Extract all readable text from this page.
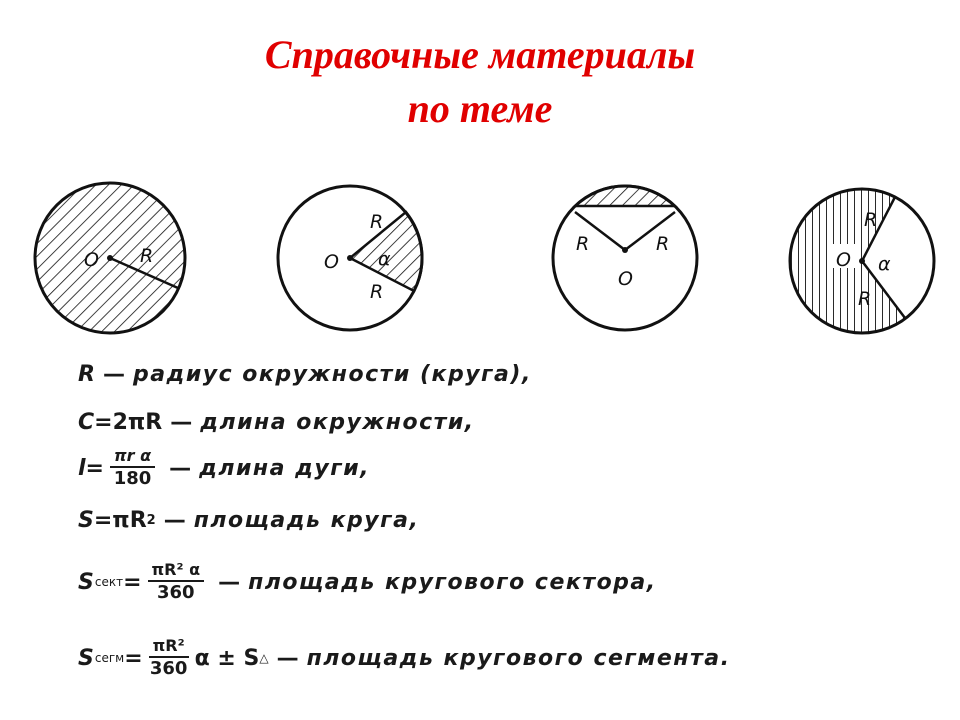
Справочные материалы
по теме
O R	O
R
R
α
R	R
O
O
R
R
α
R — радиус окружности (круга),
C = 2πR — длина окружности,
$l = \frac{\text{πr α}}{180}$ — длина дуги,
S = πR 2 — площадь круга,
S сект = $\frac{\text{πR² α}}{360}$ — площадь кругового сектора,
S сегм = $\frac{\text{πR²}}{360}$ α ± S △ — площадь кругового сегмента.
